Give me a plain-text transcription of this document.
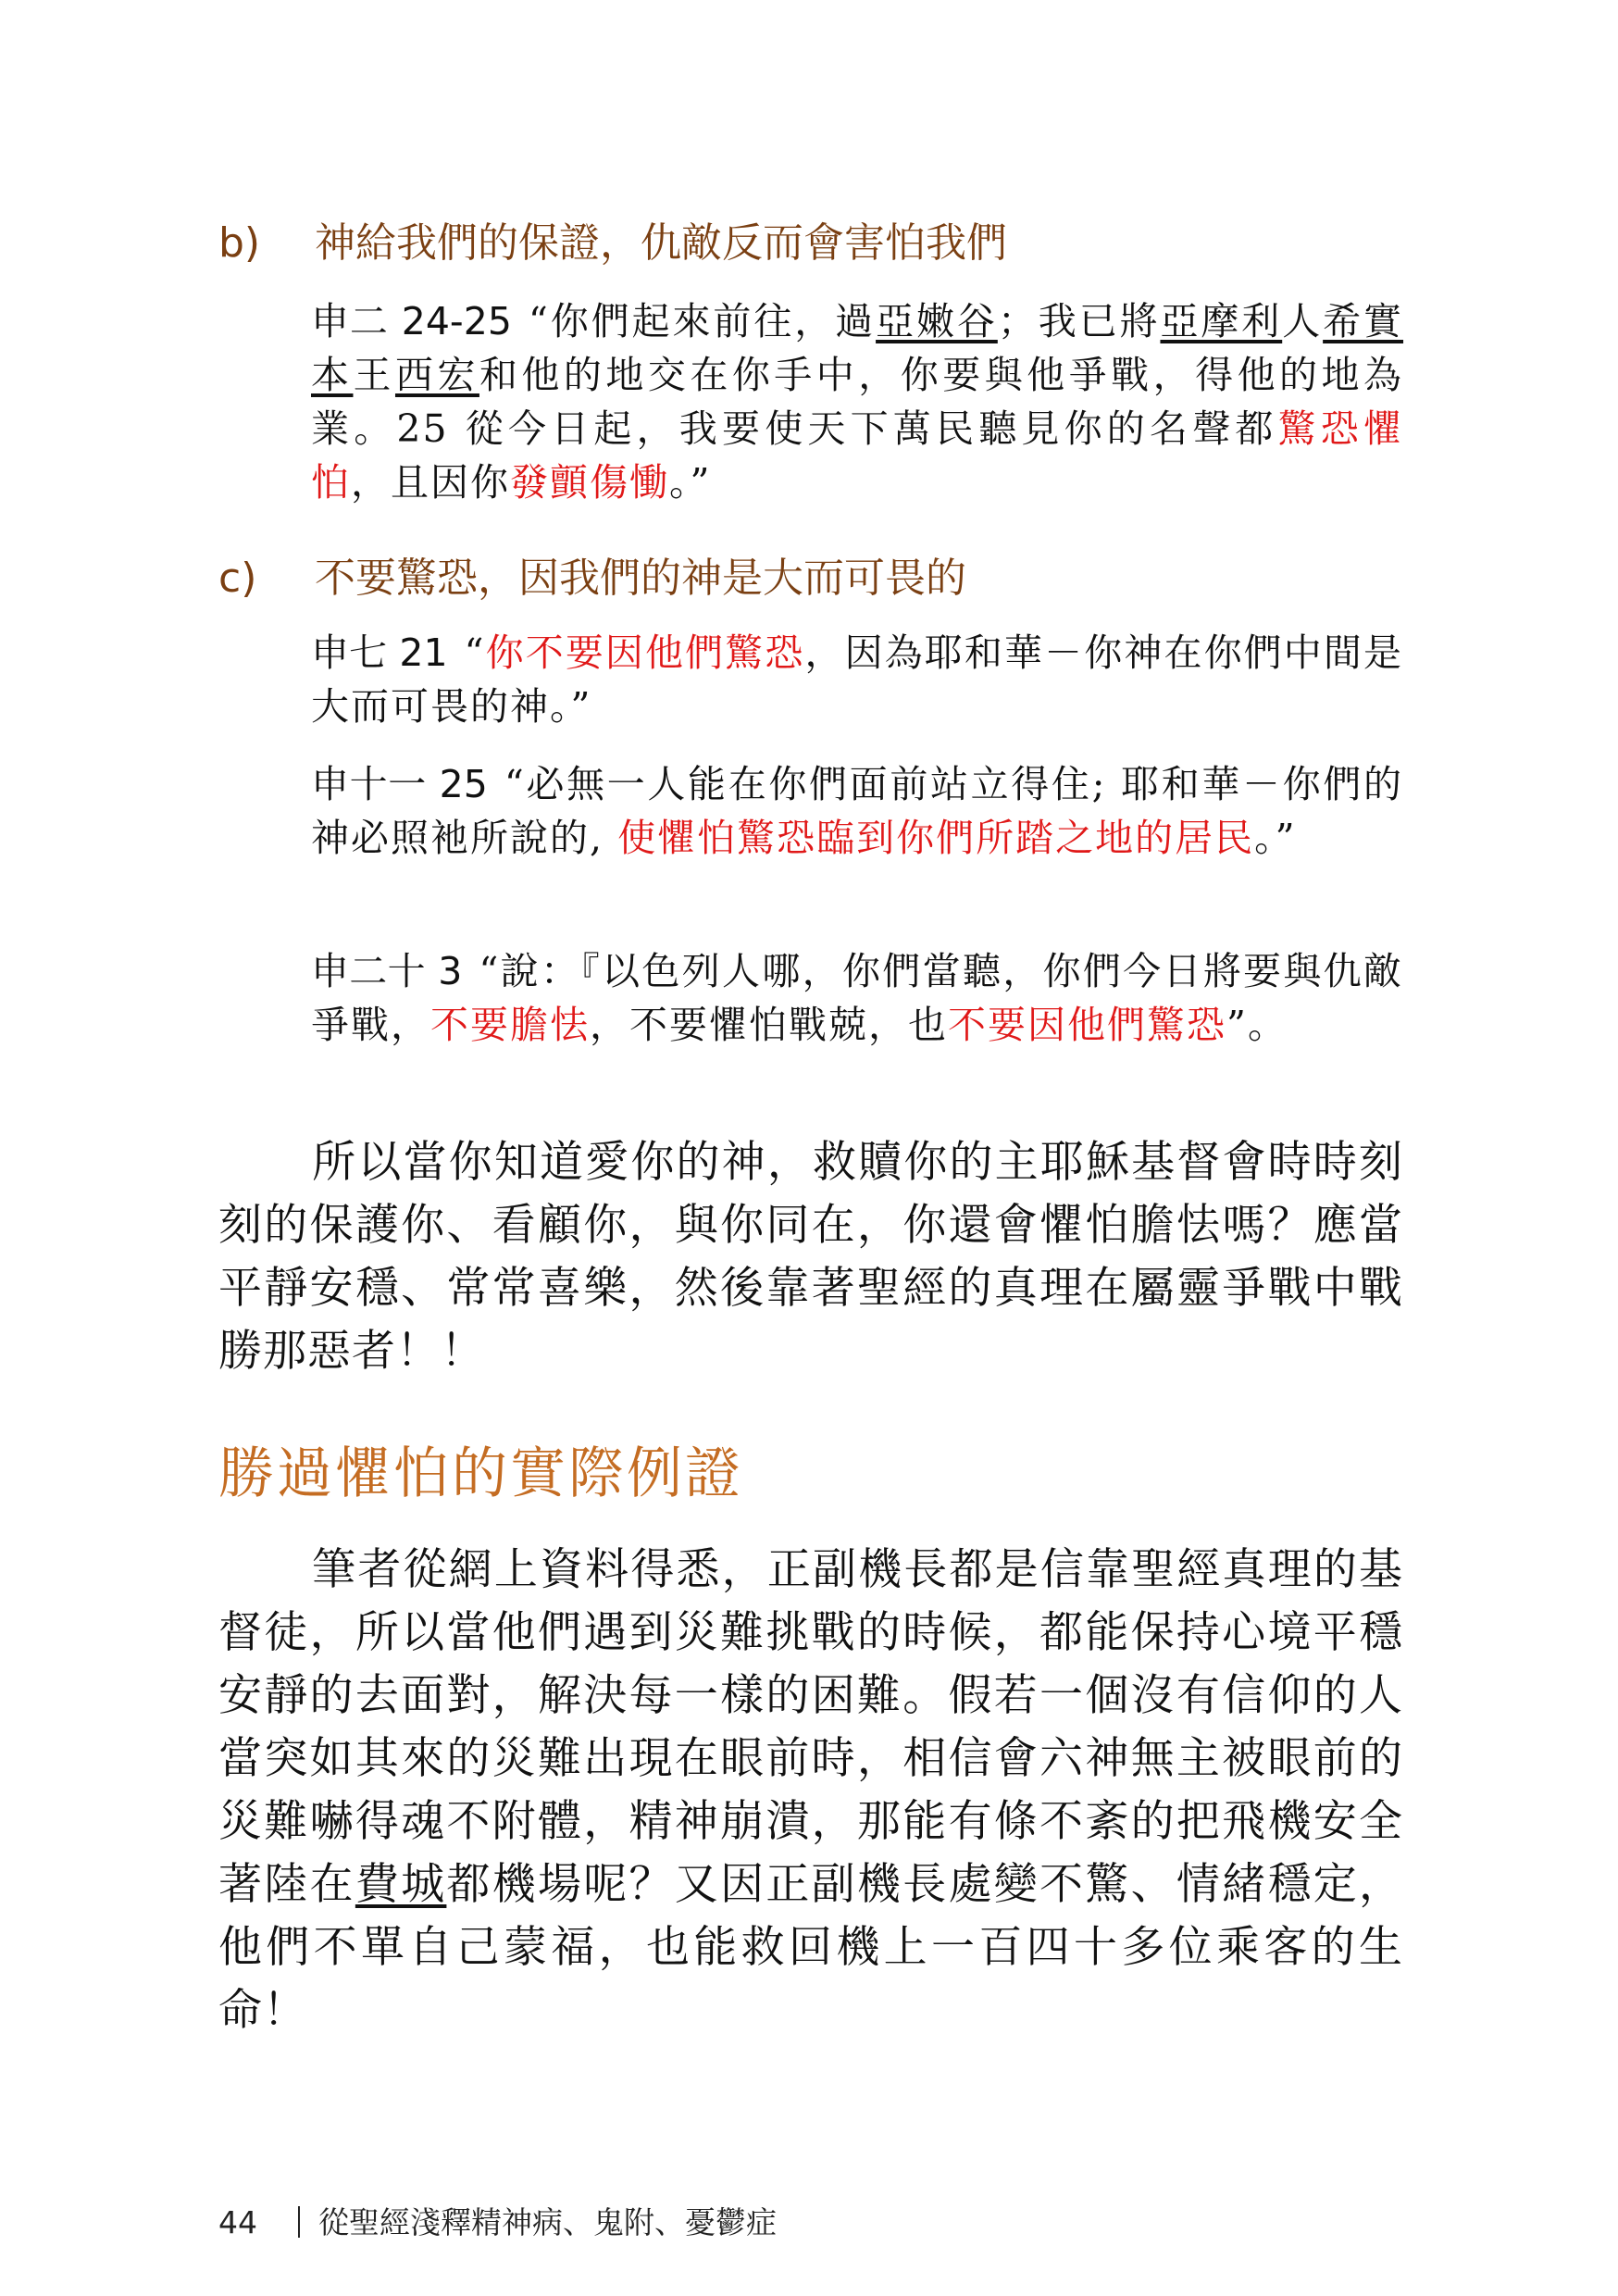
b) 神給我們的保證，仇敵反而會害怕我們
申二 24-25 “你們起來前往，過亞嫩谷；我已將亞摩利人希實本王西宏和他的地交在你手中，你要與他爭戰，得他的地為業。25 從今日起，我要使天下萬民聽見你的名聲都驚恐懼怕，且因你發顫傷慟。”
c) 不要驚恐，因我們的神是大而可畏的
申七 21 “你不要因他們驚恐，因為耶和華－你神在你們中間是大而可畏的神。”
申十一 25 “必無一人能在你們面前站立得住; 耶和華－你們的神必照衪所說的, 使懼怕驚恐臨到你們所踏之地的居民。”
申二十 3 “說：『以色列人哪，你們當聽，你們今日將要與仇敵爭戰，不要膽怯，不要懼怕戰兢，也不要因他們驚恐”。
所以當你知道愛你的神，救贖你的主耶穌基督會時時刻刻的保護你、看顧你，與你同在，你還會懼怕膽怯嗎？應當平靜安穩、常常喜樂，然後靠著聖經的真理在屬靈爭戰中戰勝那惡者！！
勝過懼怕的實際例證
筆者從網上資料得悉，正副機長都是信靠聖經真理的基督徒，所以當他們遇到災難挑戰的時候，都能保持心境平穩安靜的去面對，解決每一樣的困難。假若一個沒有信仰的人當突如其來的災難出現在眼前時，相信會六神無主被眼前的災難嚇得魂不附體，精神崩潰，那能有條不紊的把飛機安全著陸在費城都機場呢？又因正副機長處變不驚、情緒穩定，他們不單自己蒙福，也能救回機上一百四十多位乘客的生命！
44 從聖經淺釋精神病、鬼附、憂鬱症
